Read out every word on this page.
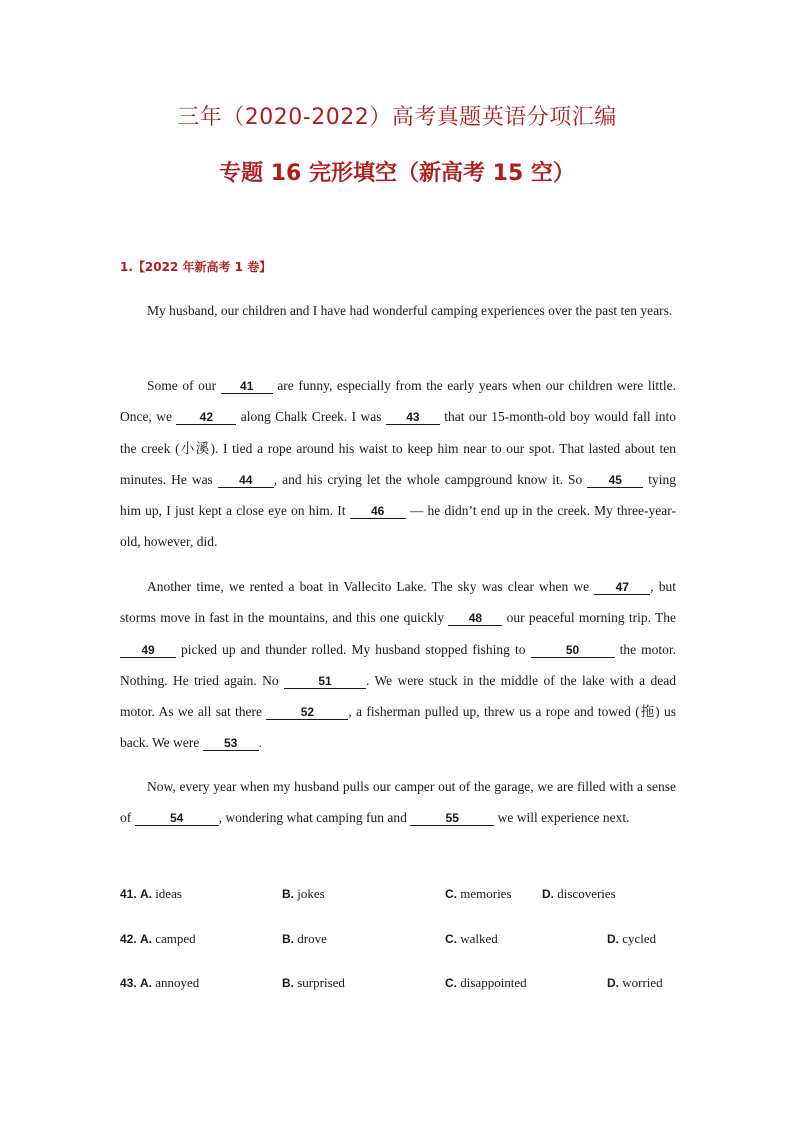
三年（2020-2022）高考真题英语分项汇编
专题 16 完形填空（新高考 15 空）
1.【2022 年新高考 1 卷】
My husband, our children and I have had wonderful camping experiences over the past ten years.
Some of our 41 are funny, especially from the early years when our children were little. Once, we 42 along Chalk Creek. I was 43 that our 15-month-old boy would fall into the creek (小溪). I tied a rope around his waist to keep him near to our spot. That lasted about ten minutes. He was 44 , and his crying let the whole campground know it. So 45 tying him up, I just kept a close eye on him. It 46 — he didn’t end up in the creek. My three-year-old, however, did.
Another time, we rented a boat in Vallecito Lake. The sky was clear when we 47 , but storms move in fast in the mountains, and this one quickly 48 our peaceful morning trip. The 49 picked up and thunder rolled. My husband stopped fishing to	50	the motor. Nothing. He tried again. No	51	. We were stuck in the middle of the lake with a dead motor. As we all sat there	52	, a fisherman pulled up, threw us a rope and towed (拖) us back. We were 53 .
Now, every year when my husband pulls our camper out of the garage, we are filled with a sense of	54	, wondering what camping fun and	55	we will experience next.
41. A. ideas	B. jokes	C. memories	D. discoveries
42. A. camped	B. drove	C. walked	D. cycled
43. A. annoyed	B. surprised	C. disappointed	D. worried
